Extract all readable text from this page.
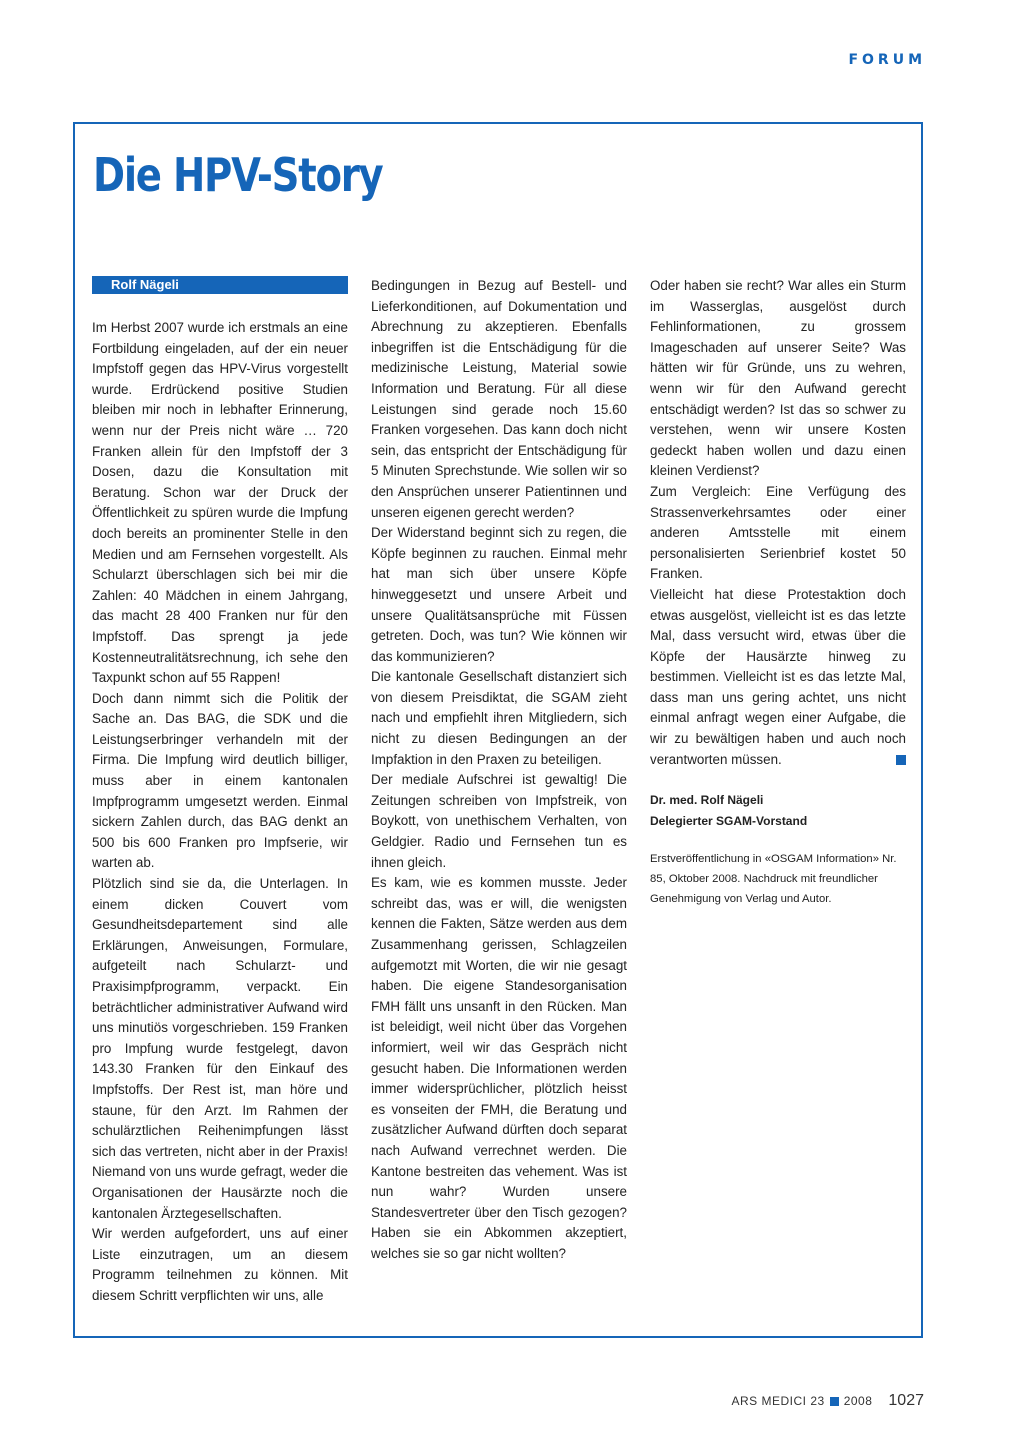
FORUM
Die HPV-Story
Rolf Nägeli

Im Herbst 2007 wurde ich erstmals an eine Fortbildung eingeladen, auf der ein neuer Impfstoff gegen das HPV-Virus vorgestellt wurde. Erdrückend positive Studien bleiben mir noch in lebhafter Erinnerung, wenn nur der Preis nicht wäre … 720 Franken allein für den Impfstoff der 3 Dosen, dazu die Konsultation mit Beratung. Schon war der Druck der Öffentlichkeit zu spüren wurde die Impfung doch bereits an prominenter Stelle in den Medien und am Fernsehen vorgestellt. Als Schularzt überschlagen sich bei mir die Zahlen: 40 Mädchen in einem Jahrgang, das macht 28 400 Franken nur für den Impfstoff. Das sprengt ja jede Kostenneutralitätsrechnung, ich sehe den Taxpunkt schon auf 55 Rappen!

Doch dann nimmt sich die Politik der Sache an. Das BAG, die SDK und die Leistungserbringer verhandeln mit der Firma. Die Impfung wird deutlich billiger, muss aber in einem kantonalen Impfprogramm umgesetzt werden. Einmal sickern Zahlen durch, das BAG denkt an 500 bis 600 Franken pro Impfserie, wir warten ab.

Plötzlich sind sie da, die Unterlagen. In einem dicken Couvert vom Gesundheitsdepartement sind alle Erklärungen, Anweisungen, Formulare, aufgeteilt nach Schularzt- und Praxisimpfprogramm, verpackt. Ein beträchtlicher administrativer Aufwand wird uns minutiös vorgeschrieben. 159 Franken pro Impfung wurde festgelegt, davon 143.30 Franken für den Einkauf des Impfstoffs. Der Rest ist, man höre und staune, für den Arzt. Im Rahmen der schulärztlichen Reihenimpfungen lässt sich das vertreten, nicht aber in der Praxis! Niemand von uns wurde gefragt, weder die Organisationen der Hausärzte noch die kantonalen Ärztegesellschaften.

Wir werden aufgefordert, uns auf einer Liste einzutragen, um an diesem Programm teilnehmen zu können. Mit diesem Schritt verpflichten wir uns, alle

Bedingungen in Bezug auf Bestell- und Lieferkonditionen, auf Dokumentation und Abrechnung zu akzeptieren. Ebenfalls inbegriffen ist die Entschädigung für die medizinische Leistung, Material sowie Information und Beratung. Für all diese Leistungen sind gerade noch 15.60 Franken vorgesehen. Das kann doch nicht sein, das entspricht der Entschädigung für 5 Minuten Sprechstunde. Wie sollen wir so den Ansprüchen unserer Patientinnen und unseren eigenen gerecht werden?

Der Widerstand beginnt sich zu regen, die Köpfe beginnen zu rauchen. Einmal mehr hat man sich über unsere Köpfe hinweggesetzt und unsere Arbeit und unsere Qualitätsansprüche mit Füssen getreten. Doch, was tun? Wie können wir das kommunizieren?

Die kantonale Gesellschaft distanziert sich von diesem Preisdiktat, die SGAM zieht nach und empfiehlt ihren Mitgliedern, sich nicht zu diesen Bedingungen an der Impfaktion in den Praxen zu beteiligen.

Der mediale Aufschrei ist gewaltig! Die Zeitungen schreiben von Impfstreik, von Boykott, von unethischem Verhalten, von Geldgier. Radio und Fernsehen tun es ihnen gleich.

Es kam, wie es kommen musste. Jeder schreibt das, was er will, die wenigsten kennen die Fakten, Sätze werden aus dem Zusammenhang gerissen, Schlagzeilen aufgemotzt mit Worten, die wir nie gesagt haben. Die eigene Standesorganisation FMH fällt uns unsanft in den Rücken. Man ist beleidigt, weil nicht über das Vorgehen informiert, weil wir das Gespräch nicht gesucht haben. Die Informationen werden immer widersprüchlicher, plötzlich heisst es vonseiten der FMH, die Beratung und zusätzlicher Aufwand dürften doch separat nach Aufwand verrechnet werden. Die Kantone bestreiten das vehement. Was ist nun wahr? Wurden unsere Standesvertreter über den Tisch gezogen? Haben sie ein Abkommen akzeptiert, welches sie so gar nicht wollten?

Oder haben sie recht? War alles ein Sturm im Wasserglas, ausgelöst durch Fehlinformationen, zu grossem Imageschaden auf unserer Seite? Was hätten wir für Gründe, uns zu wehren, wenn wir für den Aufwand gerecht entschädigt werden? Ist das so schwer zu verstehen, wenn wir unsere Kosten gedeckt haben wollen und dazu einen kleinen Verdienst?

Zum Vergleich: Eine Verfügung des Strassenverkehrsamtes oder einer anderen Amtsstelle mit einem personalisierten Serienbrief kostet 50 Franken.

Vielleicht hat diese Protestaktion doch etwas ausgelöst, vielleicht ist es das letzte Mal, dass versucht wird, etwas über die Köpfe der Hausärzte hinweg zu bestimmen. Vielleicht ist es das letzte Mal, dass man uns gering achtet, uns nicht einmal anfragt wegen einer Aufgabe, die wir zu bewältigen haben und auch noch verantworten müssen.

Dr. med. Rolf Nägeli
Delegierter SGAM-Vorstand
Erstveröffentlichung in «OSGAM Information» Nr. 85, Oktober 2008. Nachdruck mit freundlicher Genehmigung von Verlag und Autor.
ARS MEDICI 23 2008 1027
